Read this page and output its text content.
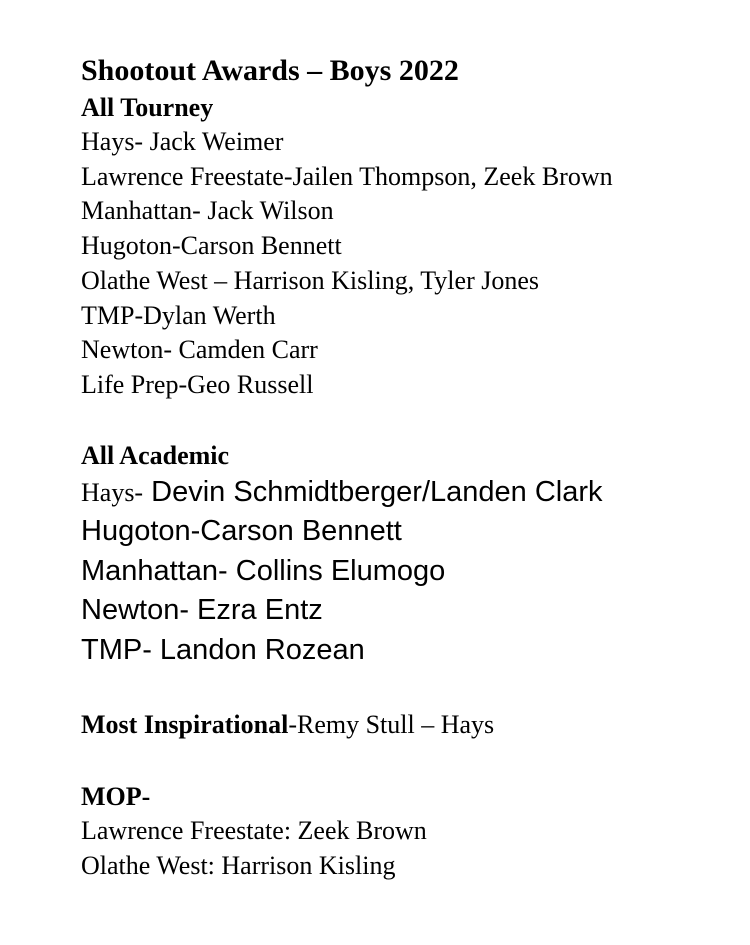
Shootout Awards – Boys 2022

All Tourney

Hays- Jack Weimer

Lawrence Freestate-Jailen Thompson, Zeek Brown

Manhattan- Jack Wilson

Hugoton-Carson Bennett

Olathe West – Harrison Kisling, Tyler Jones

TMP-Dylan Werth

Newton- Camden Carr

Life Prep-Geo Russell

All Academic

Hays- Devin Schmidtberger/Landen Clark

Hugoton-Carson Bennett

Manhattan- Collins Elumogo

Newton- Ezra Entz

TMP- Landon Rozean

Most Inspirational-Remy Stull – Hays

MOP-

Lawrence Freestate: Zeek Brown

Olathe West: Harrison Kisling
